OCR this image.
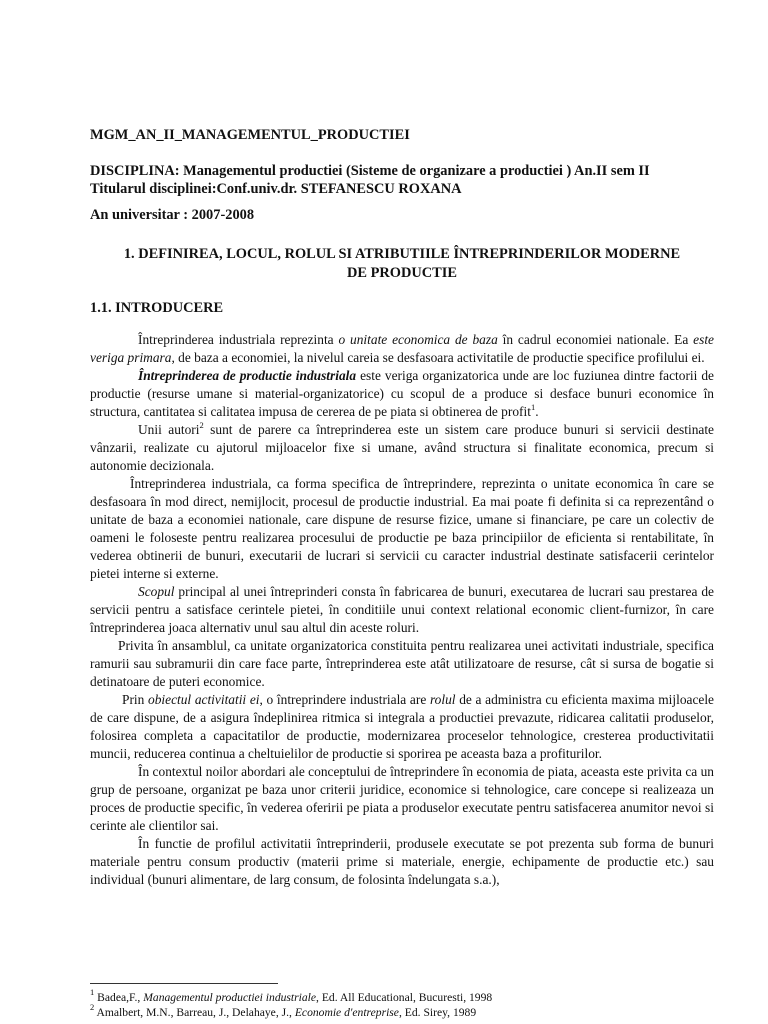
MGM_AN_II_MANAGEMENTUL_PRODUCTIEI

DISCIPLINA: Managementul productiei (Sisteme de organizare a productiei ) An.II sem II

Titularul disciplinei:Conf.univ.dr. STEFANESCU ROXANA

An universitar : 2007-2008

1. DEFINIREA, LOCUL, ROLUL SI ATRIBUTIILE ÎNTREPRINDERILOR MODERNE
DE PRODUCTIE

1.1. INTRODUCERE

Întreprinderea industriala reprezinta o unitate economica de baza în cadrul economiei nationale. Ea este veriga primara, de baza a economiei, la nivelul careia se desfasoara activitatile de productie specifice profilului ei.

Întreprinderea de productie industriala este veriga organizatorica unde are loc fuziunea dintre factorii de productie (resurse umane si material-organizatorice) cu scopul de a produce si desface bunuri economice în structura, cantitatea si calitatea impusa de cererea de pe piata si obtinerea de profit$^1$.

Unii autori$^2$ sunt de parere ca întreprinderea este un sistem care produce bunuri si servicii destinate vânzarii, realizate cu ajutorul mijloacelor fixe si umane, având structura si finalitate economica, precum si autonomie decizionala.

Întreprinderea industriala, ca forma specifica de întreprindere, reprezinta o unitate economica în care se desfasoara în mod direct, nemijlocit, procesul de productie industrial. Ea mai poate fi definita si ca reprezentând o unitate de baza a economiei nationale, care dispune de resurse fizice, umane si financiare, pe care un colectiv de oameni le foloseste pentru realizarea procesului de productie pe baza principiilor de eficienta si rentabilitate, în vederea obtinerii de bunuri, executarii de lucrari si servicii cu caracter industrial destinate satisfacerii cerintelor pietei interne si externe.

Scopul principal al unei întreprinderi consta în fabricarea de bunuri, executarea de lucrari sau prestarea de servicii pentru a satisface cerintele pietei, în conditiile unui context relational economic client-furnizor, în care întreprinderea joaca alternativ unul sau altul din aceste roluri.

Privita în ansamblul, ca unitate organizatorica constituita pentru realizarea unei activitati industriale, specifica ramurii sau subramurii din care face parte, întreprinderea este atât utilizatoare de resurse, cât si sursa de bogatie si detinatoare de puteri economice.

Prin obiectul activitatii ei, o întreprindere industriala are rolul de a administra cu eficienta maxima mijloacele de care dispune, de a asigura îndeplinirea ritmica si integrala a productiei prevazute, ridicarea calitatii produselor, folosirea completa a capacitatilor de productie, modernizarea proceselor tehnologice, cresterea productivitatii muncii, reducerea continua a cheltuielilor de productie si sporirea pe aceasta baza a profiturilor.

În contextul noilor abordari ale conceptului de întreprindere în economia de piata, aceasta este privita ca un grup de persoane, organizat pe baza unor criterii juridice, economice si tehnologice, care concepe si realizeaza un proces de productie specific, în vederea oferirii pe piata a produselor executate pentru satisfacerea anumitor nevoi si cerinte ale clientilor sai.

În functie de profilul activitatii întreprinderii, produsele executate se pot prezenta sub forma de bunuri materiale pentru consum productiv (materii prime si materiale, energie, echipamente de productie etc.) sau individual (bunuri alimentare, de larg consum, de folosinta îndelungata s.a.),

$^1$ Badea,F., Managementul productiei industriale, Ed. All Educational, Bucuresti, 1998
$^2$ Amalbert, M.N., Barreau, J., Delahaye, J., Economie d'entreprise, Ed. Sirey, 1989
